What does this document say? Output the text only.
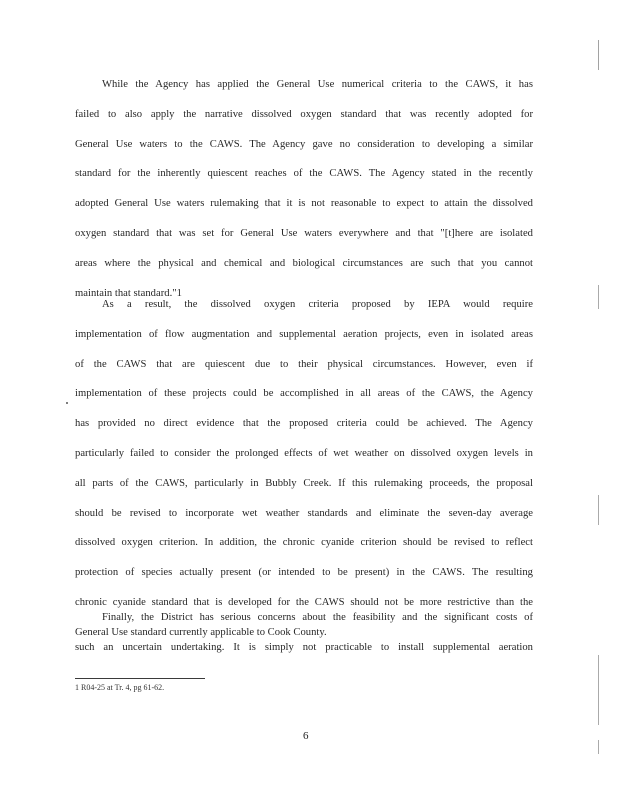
While the Agency has applied the General Use numerical criteria to the CAWS, it has
failed to also apply the narrative dissolved oxygen standard that was recently adopted for
General Use waters to the CAWS. The Agency gave no consideration to developing a similar
standard for the inherently quiescent reaches of the CAWS. The Agency stated in the recently
adopted General Use waters rulemaking that it is not reasonable to expect to attain the dissolved
oxygen standard that was set for General Use waters everywhere and that "[t]here are isolated
areas where the physical and chemical and biological circumstances are such that you cannot
maintain that standard."1
As a result, the dissolved oxygen criteria proposed by IEPA would require
implementation of flow augmentation and supplemental aeration projects, even in isolated areas
of the CAWS that are quiescent due to their physical circumstances. However, even if
implementation of these projects could be accomplished in all areas of the CAWS, the Agency
has provided no direct evidence that the proposed criteria could be achieved. The Agency
particularly failed to consider the prolonged effects of wet weather on dissolved oxygen levels in
all parts of the CAWS, particularly in Bubbly Creek. If this rulemaking proceeds, the proposal
should be revised to incorporate wet weather standards and eliminate the seven-day average
dissolved oxygen criterion. In addition, the chronic cyanide criterion should be revised to reflect
protection of species actually present (or intended to be present) in the CAWS. The resulting
chronic cyanide standard that is developed for the CAWS should not be more restrictive than the
General Use standard currently applicable to Cook County.
Finally, the District has serious concerns about the feasibility and the significant costs of
such an uncertain undertaking. It is simply not practicable to install supplemental aeration
1 R04-25 at Tr. 4, pg 61-62.
6
